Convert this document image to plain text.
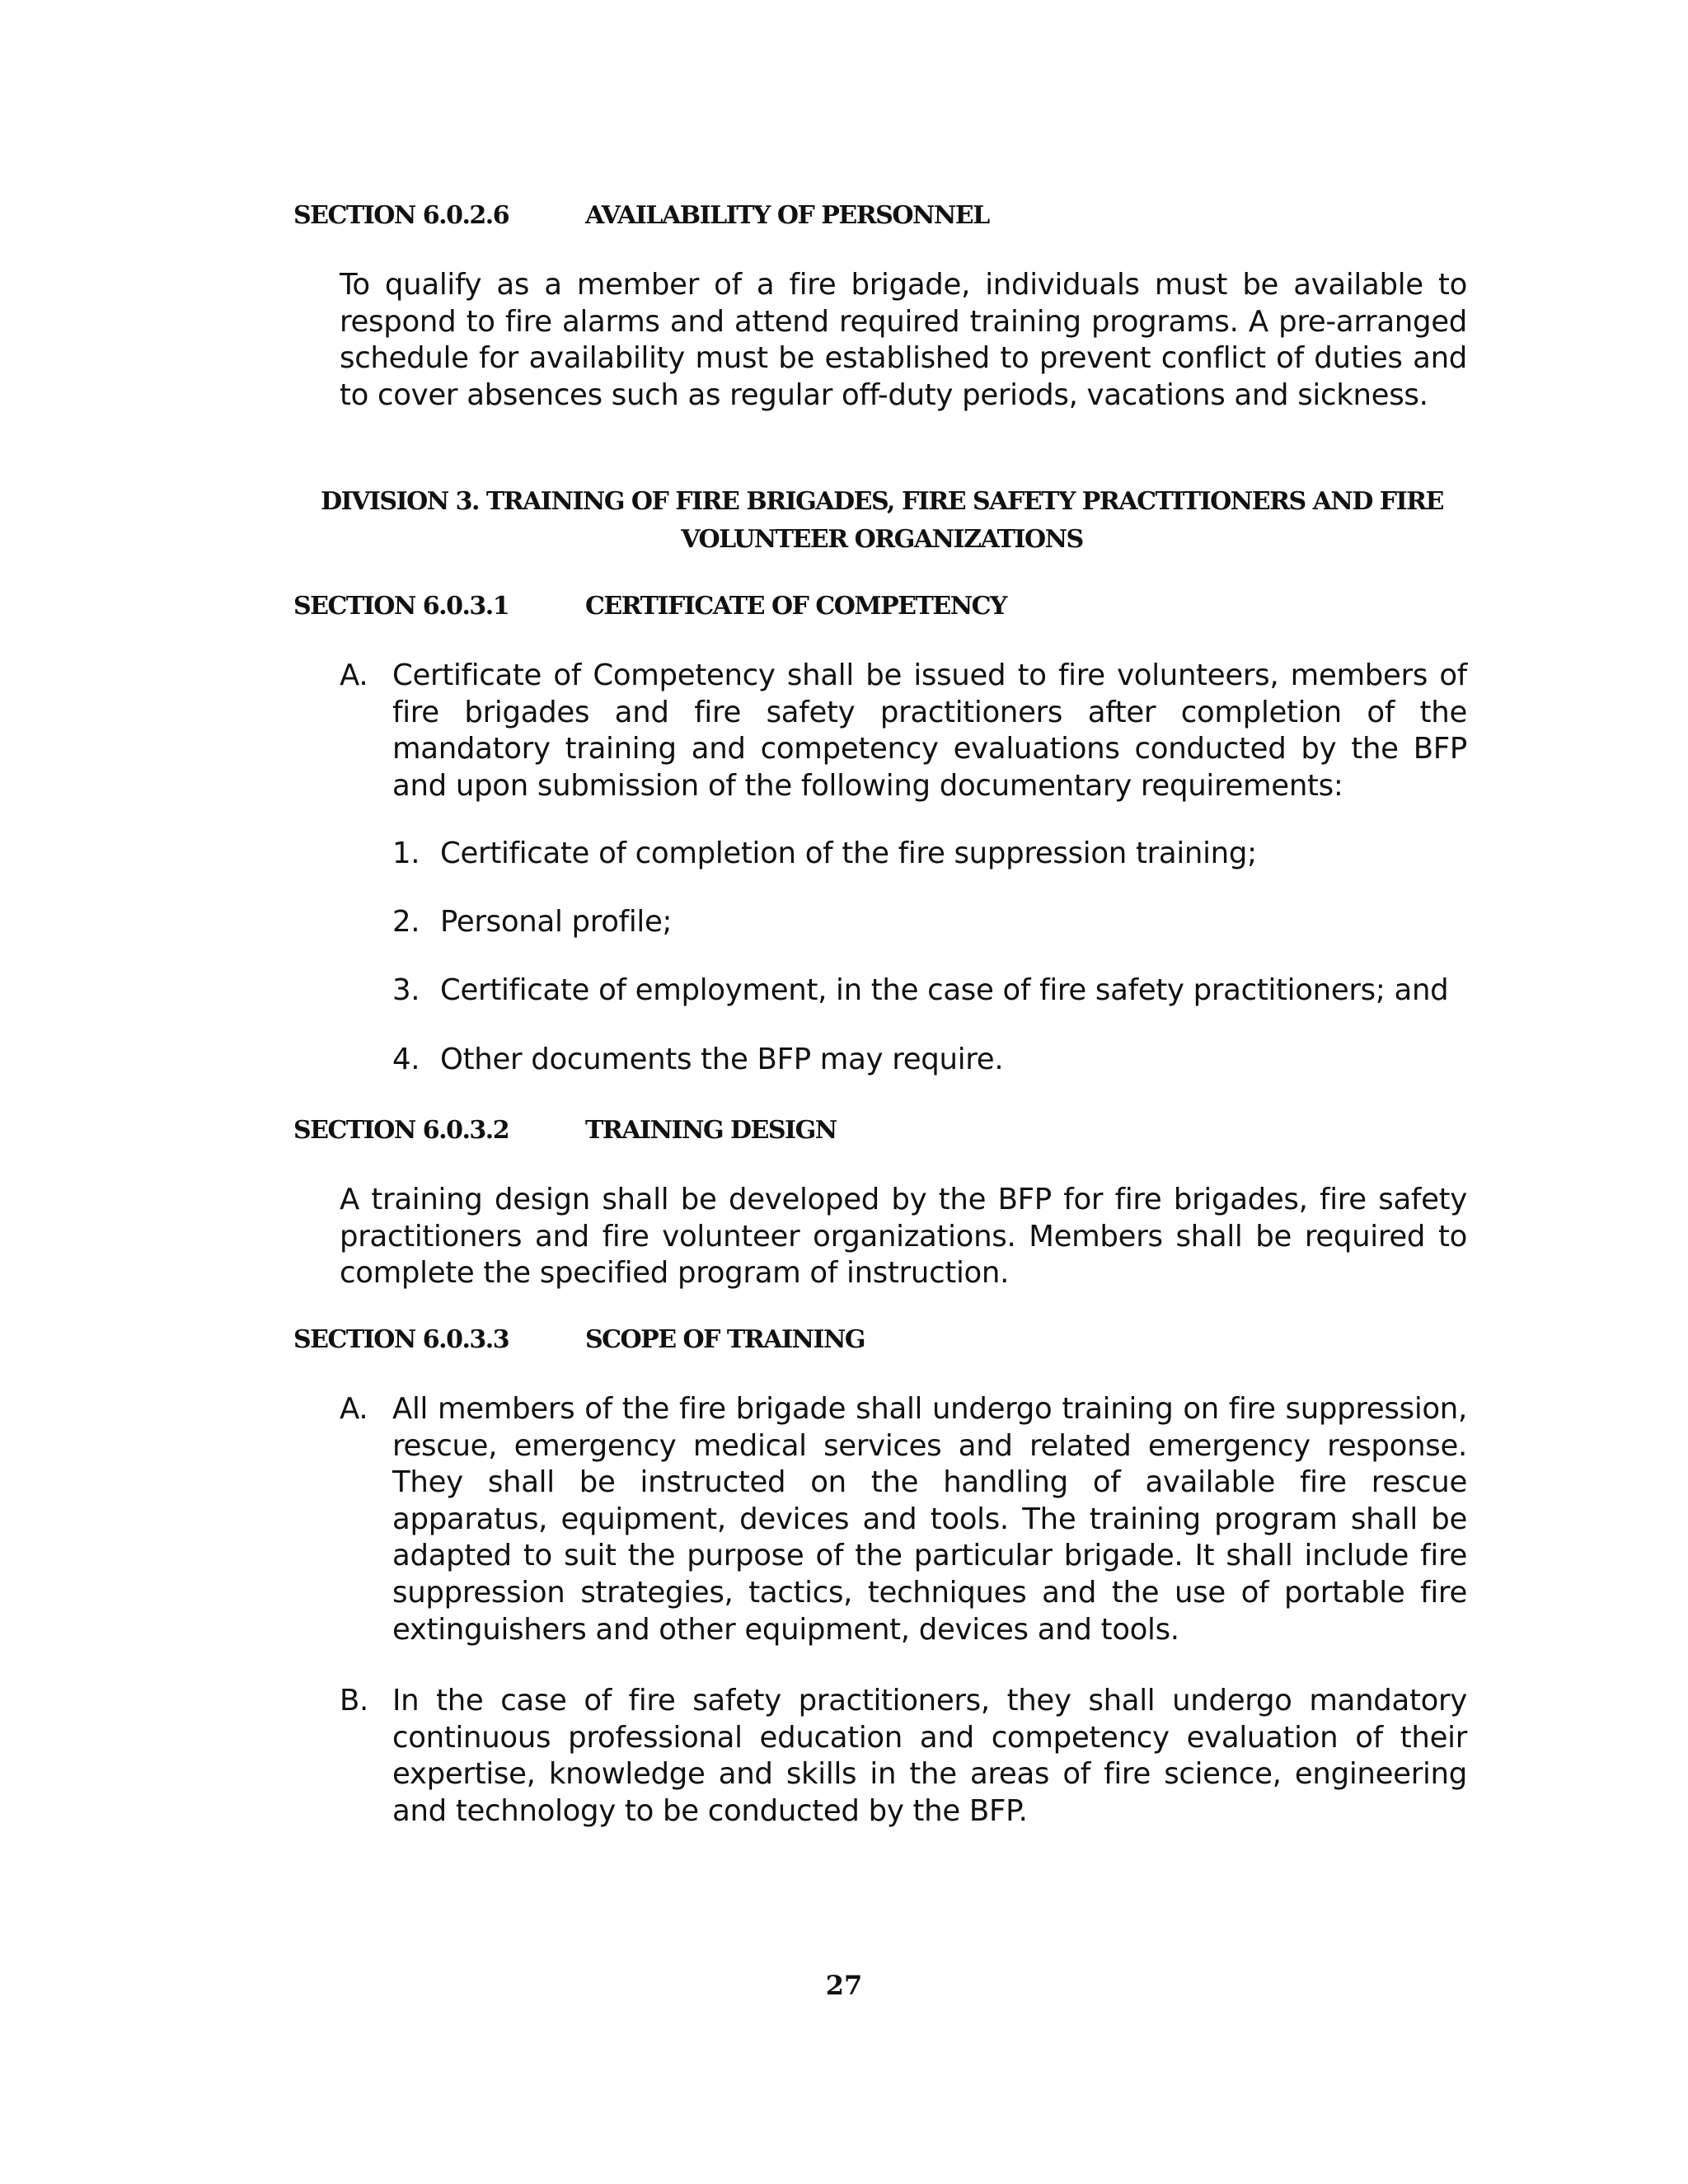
SECTION 6.0.2.6	AVAILABILITY OF PERSONNEL
To qualify as a member of a fire brigade, individuals must be available to respond to fire alarms and attend required training programs. A pre-arranged schedule for availability must be established to prevent conflict of duties and to cover absences such as regular off-duty periods, vacations and sickness.
DIVISION 3. TRAINING OF FIRE BRIGADES, FIRE SAFETY PRACTITIONERS AND FIRE
VOLUNTEER ORGANIZATIONS
SECTION 6.0.3.1	CERTIFICATE OF COMPETENCY
A. Certificate of Competency shall be issued to fire volunteers, members of fire brigades and fire safety practitioners after completion of the mandatory training and competency evaluations conducted by the BFP and upon submission of the following documentary requirements:
1. Certificate of completion of the fire suppression training;
2. Personal profile;
3. Certificate of employment, in the case of fire safety practitioners; and
4. Other documents the BFP may require.
SECTION 6.0.3.2	TRAINING DESIGN
A training design shall be developed by the BFP for fire brigades, fire safety practitioners and fire volunteer organizations. Members shall be required to complete the specified program of instruction.
SECTION 6.0.3.3	SCOPE OF TRAINING
A. All members of the fire brigade shall undergo training on fire suppression, rescue, emergency medical services and related emergency response. They shall be instructed on the handling of available fire rescue apparatus, equipment, devices and tools. The training program shall be adapted to suit the purpose of the particular brigade. It shall include fire suppression strategies, tactics, techniques and the use of portable fire extinguishers and other equipment, devices and tools.
B. In the case of fire safety practitioners, they shall undergo mandatory continuous professional education and competency evaluation of their expertise, knowledge and skills in the areas of fire science, engineering and technology to be conducted by the BFP.
27
